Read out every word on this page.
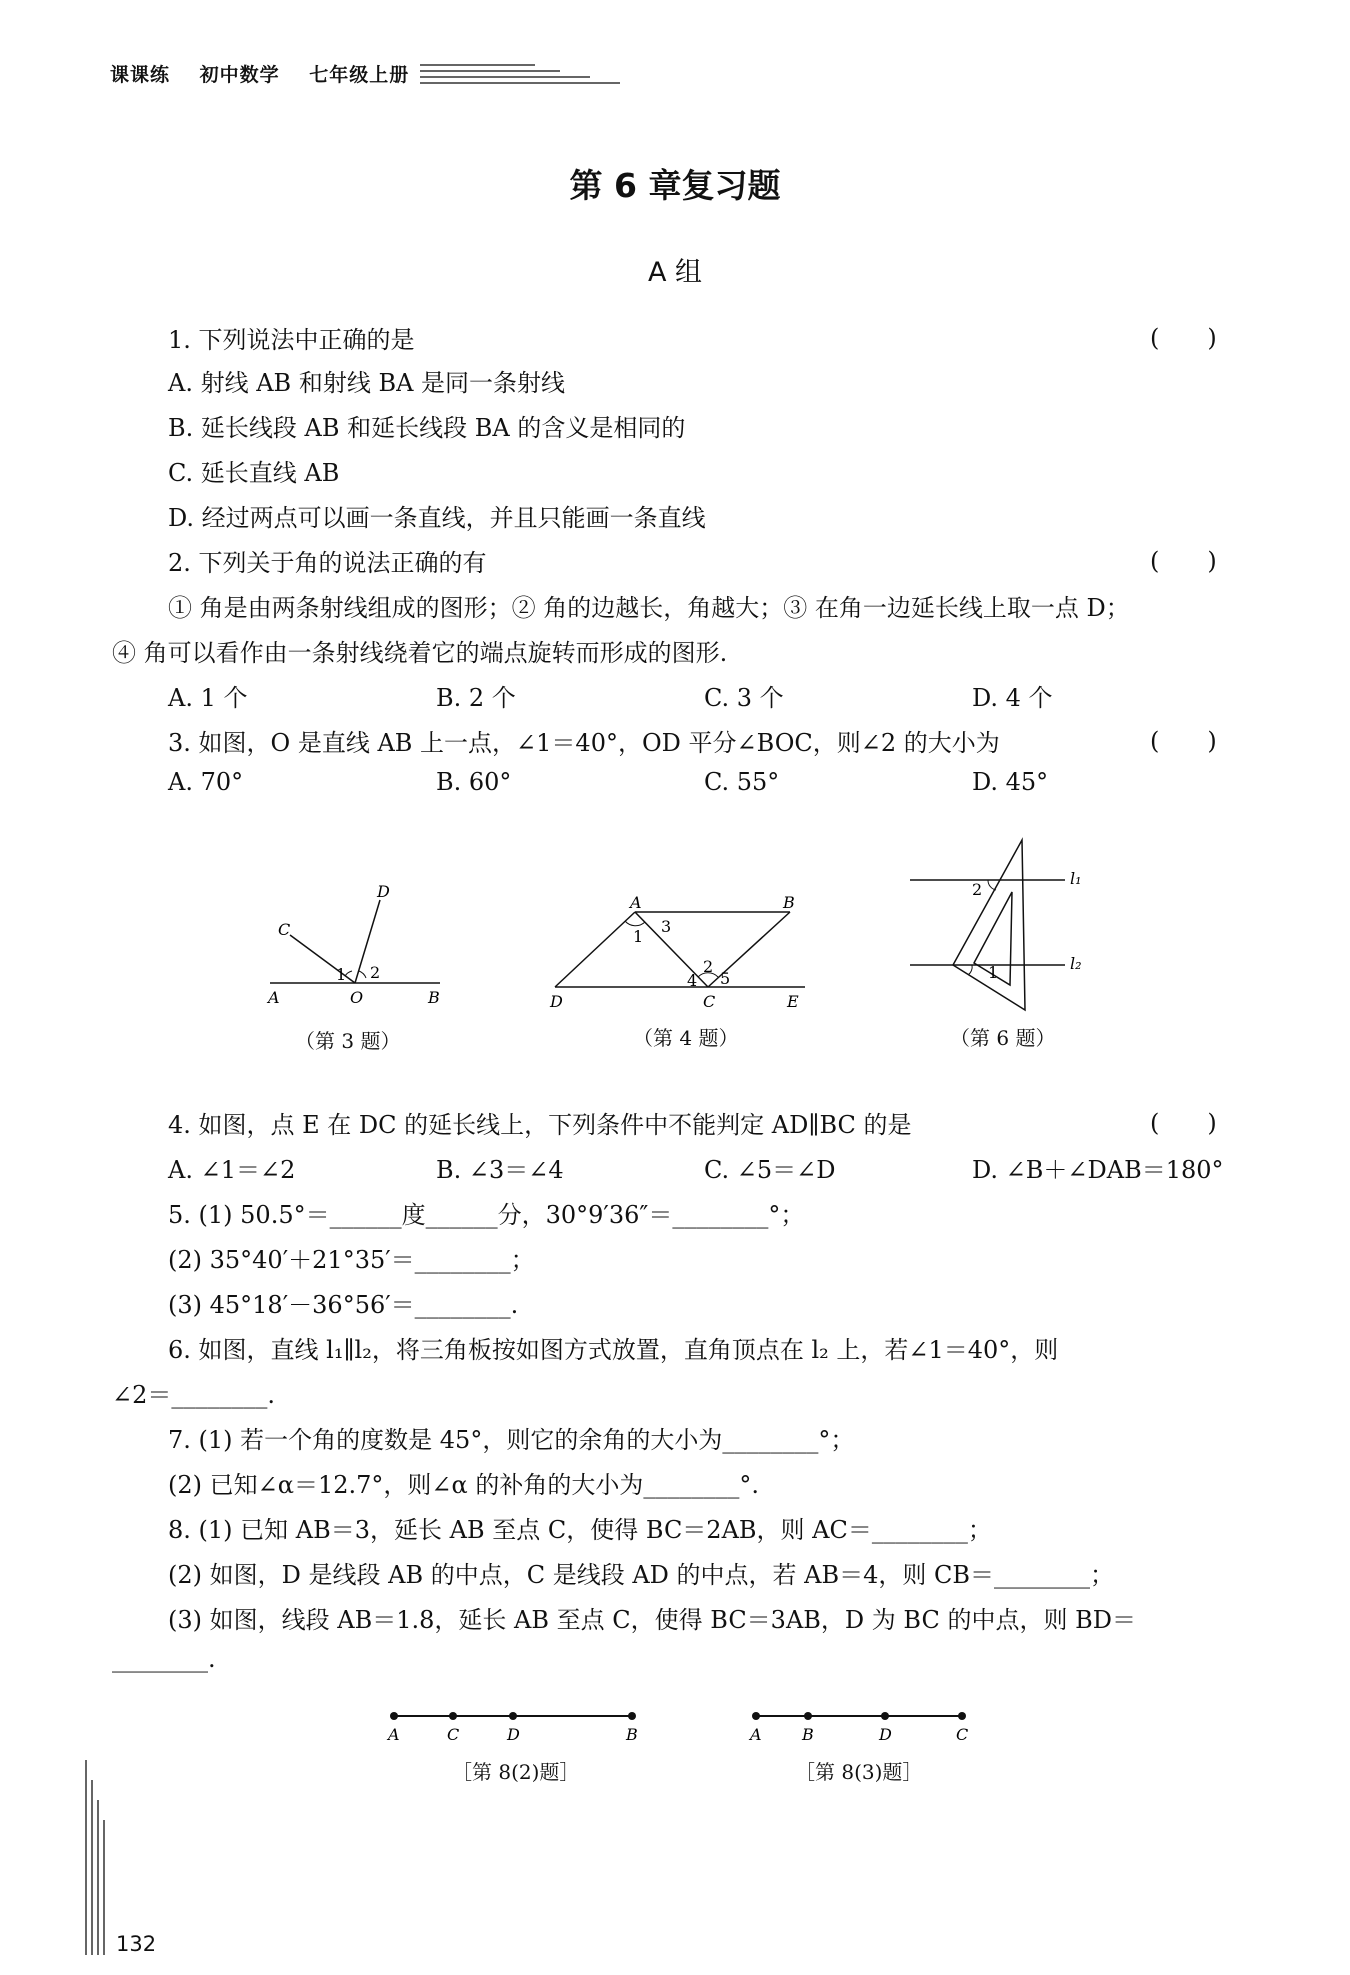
课课练 初中数学 七年级上册
第 6 章复习题
A 组
1. 下列说法中正确的是	(　　)
A. 射线 AB 和射线 BA 是同一条射线
B. 延长线段 AB 和延长线段 BA 的含义是相同的
C. 延长直线 AB
D. 经过两点可以画一条直线，并且只能画一条直线
2. 下列关于角的说法正确的有	(　　)
① 角是由两条射线组成的图形；② 角的边越长，角越大；③ 在角一边延长线上取一点 D；
④ 角可以看作由一条射线绕着它的端点旋转而形成的图形.
A. 1 个	B. 2 个	C. 3 个	D. 4 个
3. 如图，O 是直线 AB 上一点，∠1＝40°，OD 平分∠BOC，则∠2 的大小为	(　　)
A. 70°	B. 60°	C. 55°	D. 45°
A	O	B
C
D
1 2
（第 3 题）
A	B
D	C	E
1
3
2
4 5
（第 4 题）
l₁
l₂
2
1
（第 6 题）
4. 如图，点 E 在 DC 的延长线上，下列条件中不能判定 AD∥BC 的是	(　　)
A. ∠1＝∠2	B. ∠3＝∠4	C. ∠5＝∠D	D. ∠B＋∠DAB＝180°
5. (1) 50.5°＝______度______分，30°9′36″＝________°；
(2) 35°40′＋21°35′＝________；
(3) 45°18′－36°56′＝________.
6. 如图，直线 l₁∥l₂，将三角板按如图方式放置，直角顶点在 l₂ 上，若∠1＝40°，则
∠2＝________.
7. (1) 若一个角的度数是 45°，则它的余角的大小为________°；
(2) 已知∠α＝12.7°，则∠α 的补角的大小为________°.
8. (1) 已知 AB＝3，延长 AB 至点 C，使得 BC＝2AB，则 AC＝________；
(2) 如图，D 是线段 AB 的中点，C 是线段 AD 的中点，若 AB＝4，则 CB＝________；
(3) 如图，线段 AB＝1.8，延长 AB 至点 C，使得 BC＝3AB，D 为 BC 的中点，则 BD＝
________.
A	C	D	B
［第 8(2)题］
A	B	D	C
［第 8(3)题］
132
